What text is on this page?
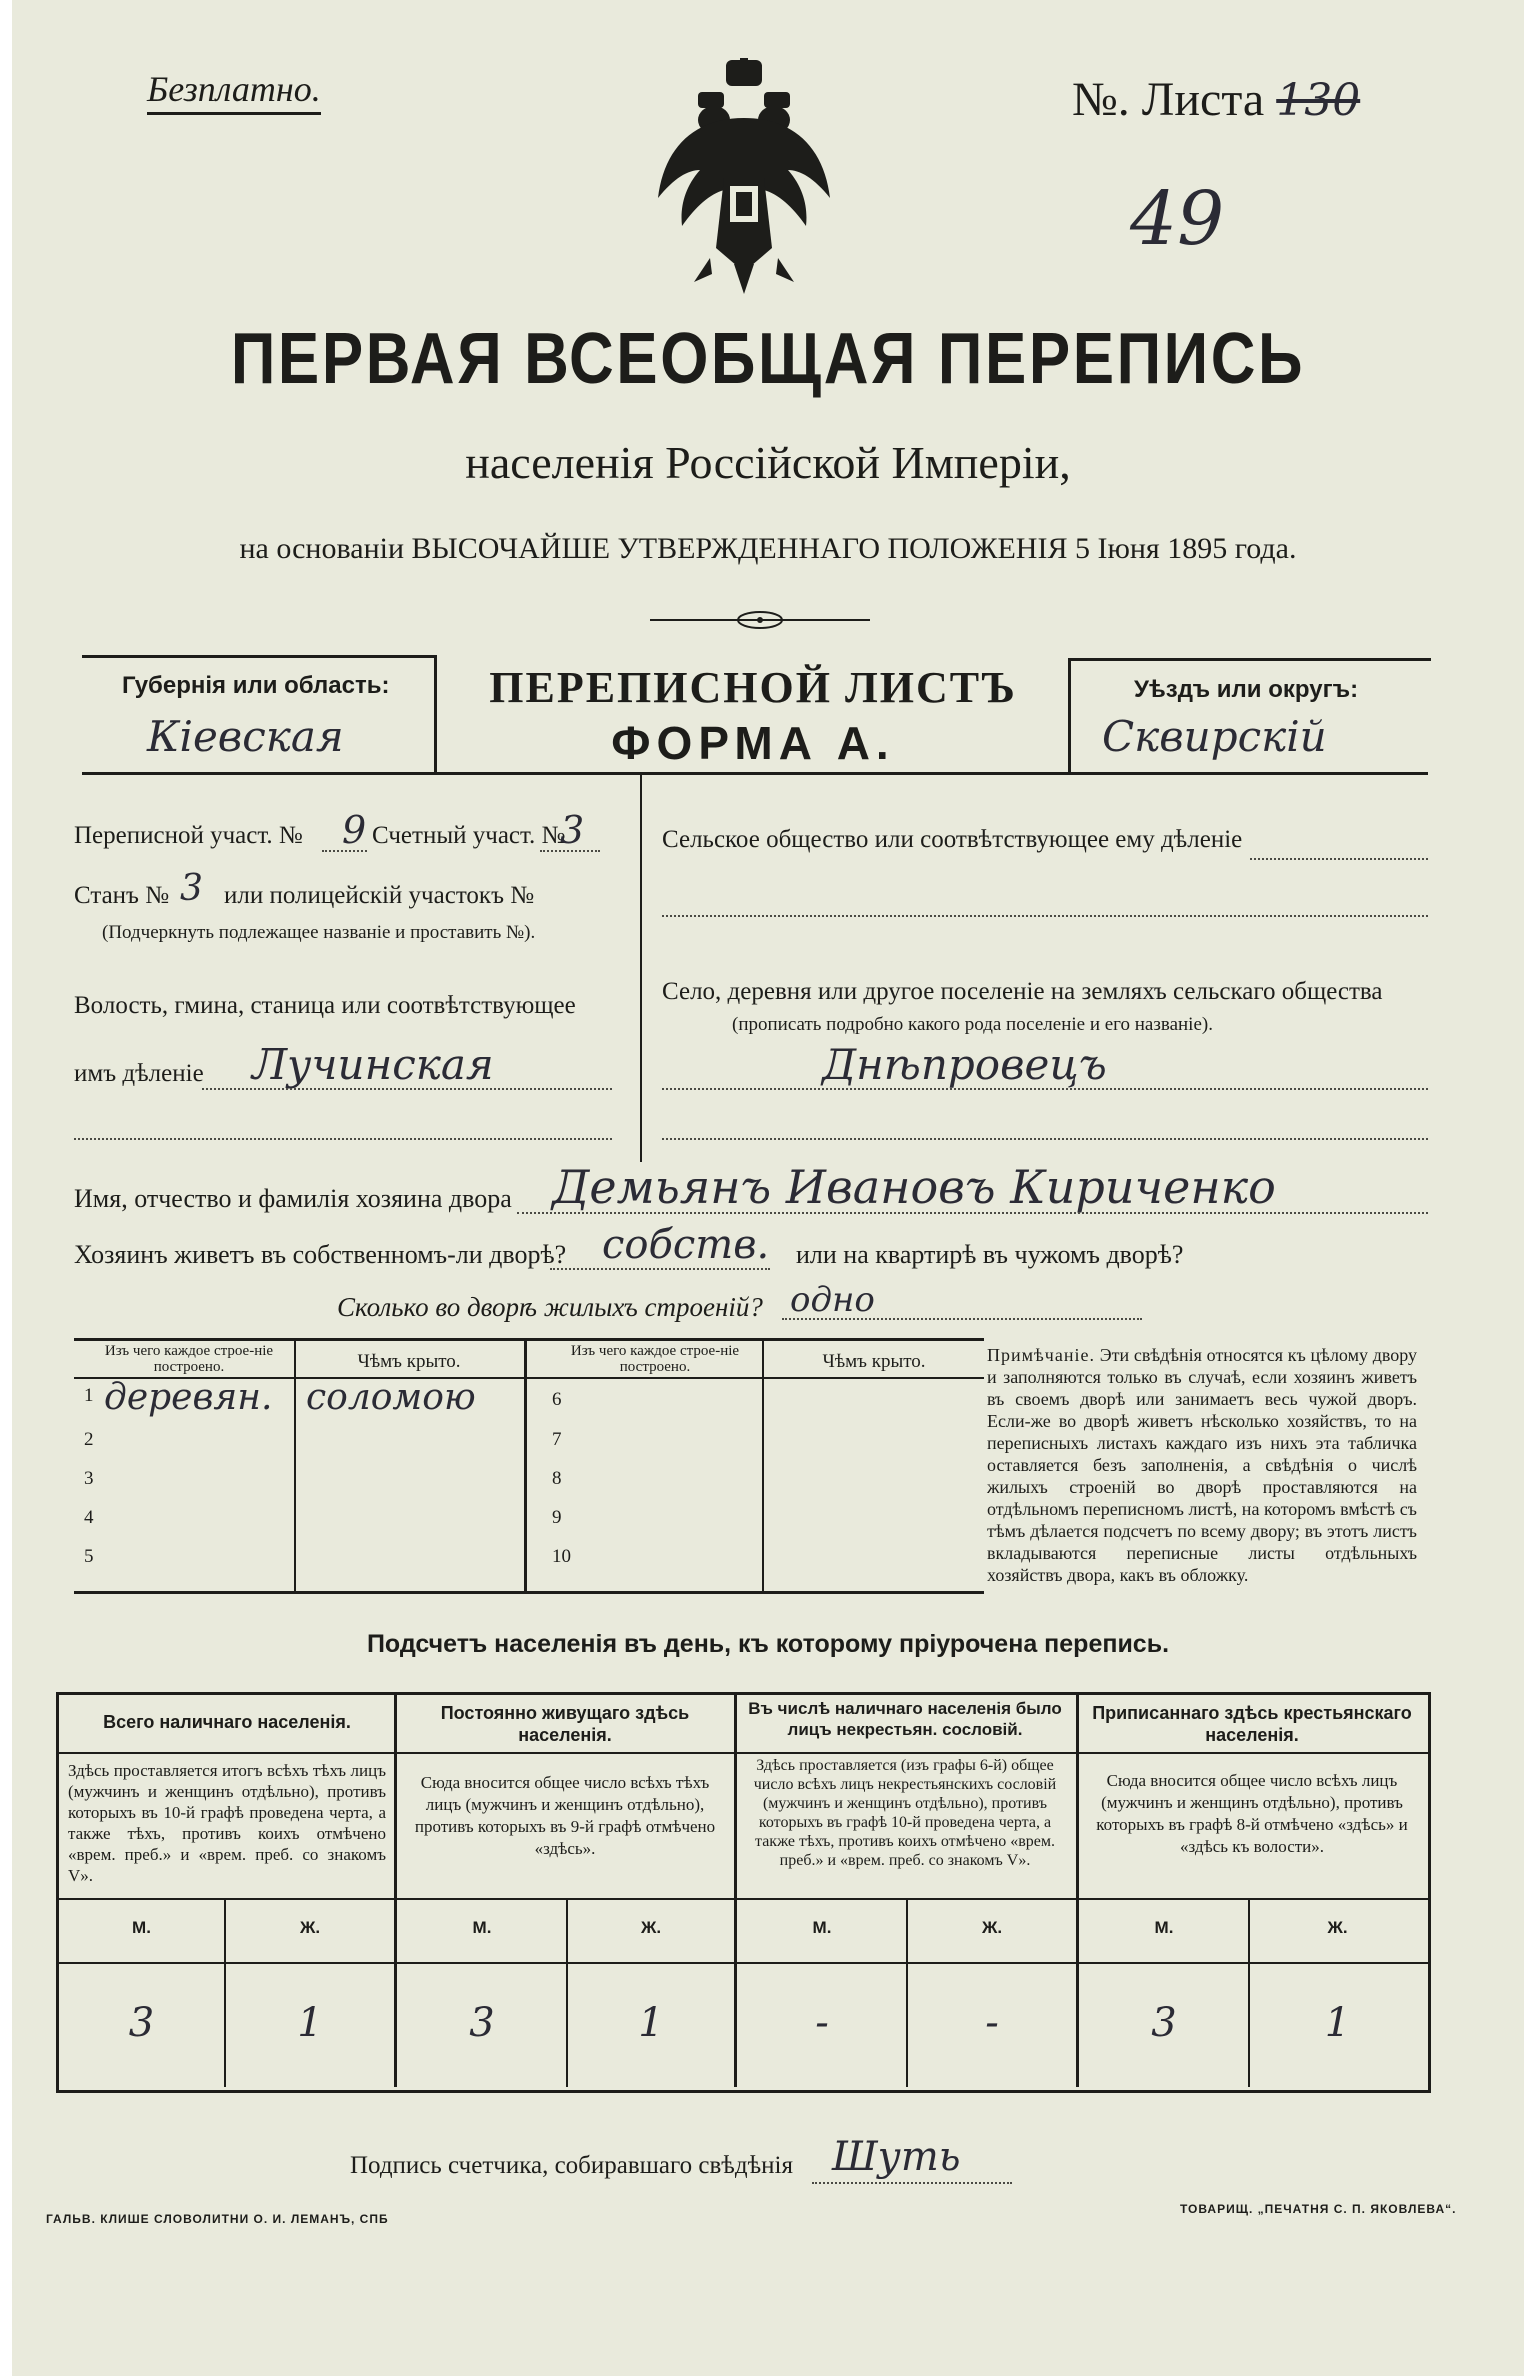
Безплатно.	№. Листа 130
49
ПЕРВАЯ ВСЕОБЩАЯ ПЕРЕПИСЬ
населенія Россійской Имперіи,
на основаніи ВЫСОЧАЙШЕ УТВЕРЖДЕННАГО ПОЛОЖЕНІЯ 5 Іюня 1895 года.
Губернія или область:
Кіевская
ПЕРЕПИСНОЙ ЛИСТЪ
ФОРМА А.
Уѣздъ или округъ:
Сквирскій
Переписной участ. № 9 Счетный участ. №
3
Станъ № 3 или полицейскій участокъ №
(Подчеркнуть подлежащее названіе и проставить №).
Волость, гмина, станица или соотвѣтствующее
имъ дѣленіе Лучинская
Сельское общество или соотвѣтствующее ему дѣленіе
Село, деревня или другое поселеніе на земляхъ сельскаго общества
(прописать подробно какого рода поселеніе и его названіе).
Днѣпровецъ
Имя, отчество и фамилія хозяина двора Демьянъ Ивановъ Кириченко
Хозяинъ живетъ въ собственномъ-ли дворѣ? собств. или на квартирѣ въ чужомъ дворѣ?
Сколько во дворѣ жилыхъ строеній? одно
Изъ чего каждое строе-ніе построено.	Чѣмъ крыто.	Изъ чего каждое строе-ніе построено.	Чѣмъ крыто.
1 деревян. соломою
2
3
4
5
6
7
8
9
10
Примѣчаніе. Эти свѣдѣнія относятся къ цѣлому двору и заполняются только въ случаѣ, если хозяинъ живетъ въ своемъ дворѣ или занимаетъ весь чужой дворъ. Если-же во дворѣ живетъ нѣсколько хозяйствъ, то на переписныхъ листахъ каждаго изъ нихъ эта табличка оставляется безъ заполненія, а свѣдѣнія о числѣ жилыхъ строеній во дворѣ проставляются на отдѣльномъ переписномъ листѣ, на которомъ вмѣстѣ съ тѣмъ дѣлается подсчетъ по всему двору; въ этотъ листъ вкладываются переписные листы отдѣльныхъ хозяйствъ двора, какъ въ обложку.
Подсчетъ населенія въ день, къ которому пріурочена перепись.
Всего наличнаго населенія.
Здѣсь проставляется итогъ всѣхъ тѣхъ лицъ (мужчинъ и женщинъ отдѣльно), противъ которыхъ въ 10-й графѣ проведена черта, а также тѣхъ, противъ коихъ отмѣчено «врем. преб.» и «врем. преб. со знакомъ V».
М.	Ж.
3	1
Постоянно живущаго здѣсь населенія.
Сюда вносится общее число всѣхъ тѣхъ лицъ (мужчинъ и женщинъ отдѣльно), противъ которыхъ въ 9-й графѣ отмѣчено «здѣсь».
М.	Ж.
3	1
Въ числѣ наличнаго населенія было лицъ некрестьян. сословій.
Здѣсь проставляется (изъ графы 6-й) общее число всѣхъ лицъ некрестьянскихъ сословій (мужчинъ и женщинъ отдѣльно), противъ которыхъ въ графѣ 10-й проведена черта, а также тѣхъ, противъ коихъ отмѣчено «врем. преб.» и «врем. преб. со знакомъ V».
М.	Ж.
-	-
Приписаннаго здѣсь крестьянскаго населенія.
Сюда вносится общее число всѣхъ лицъ (мужчинъ и женщинъ отдѣльно), противъ которыхъ въ графѣ 8-й отмѣчено «здѣсь» и «здѣсь къ волости».
М.	Ж.
3	1
Подпись счетчика, собиравшаго свѣдѣнія Шуть
ГАЛЬВ. КЛИШЕ СЛОВОЛИТНИ О. И. ЛЕМАНЪ, СПБ
ТОВАРИЩ. „ПЕЧАТНЯ С. П. ЯКОВЛЕВА“.
